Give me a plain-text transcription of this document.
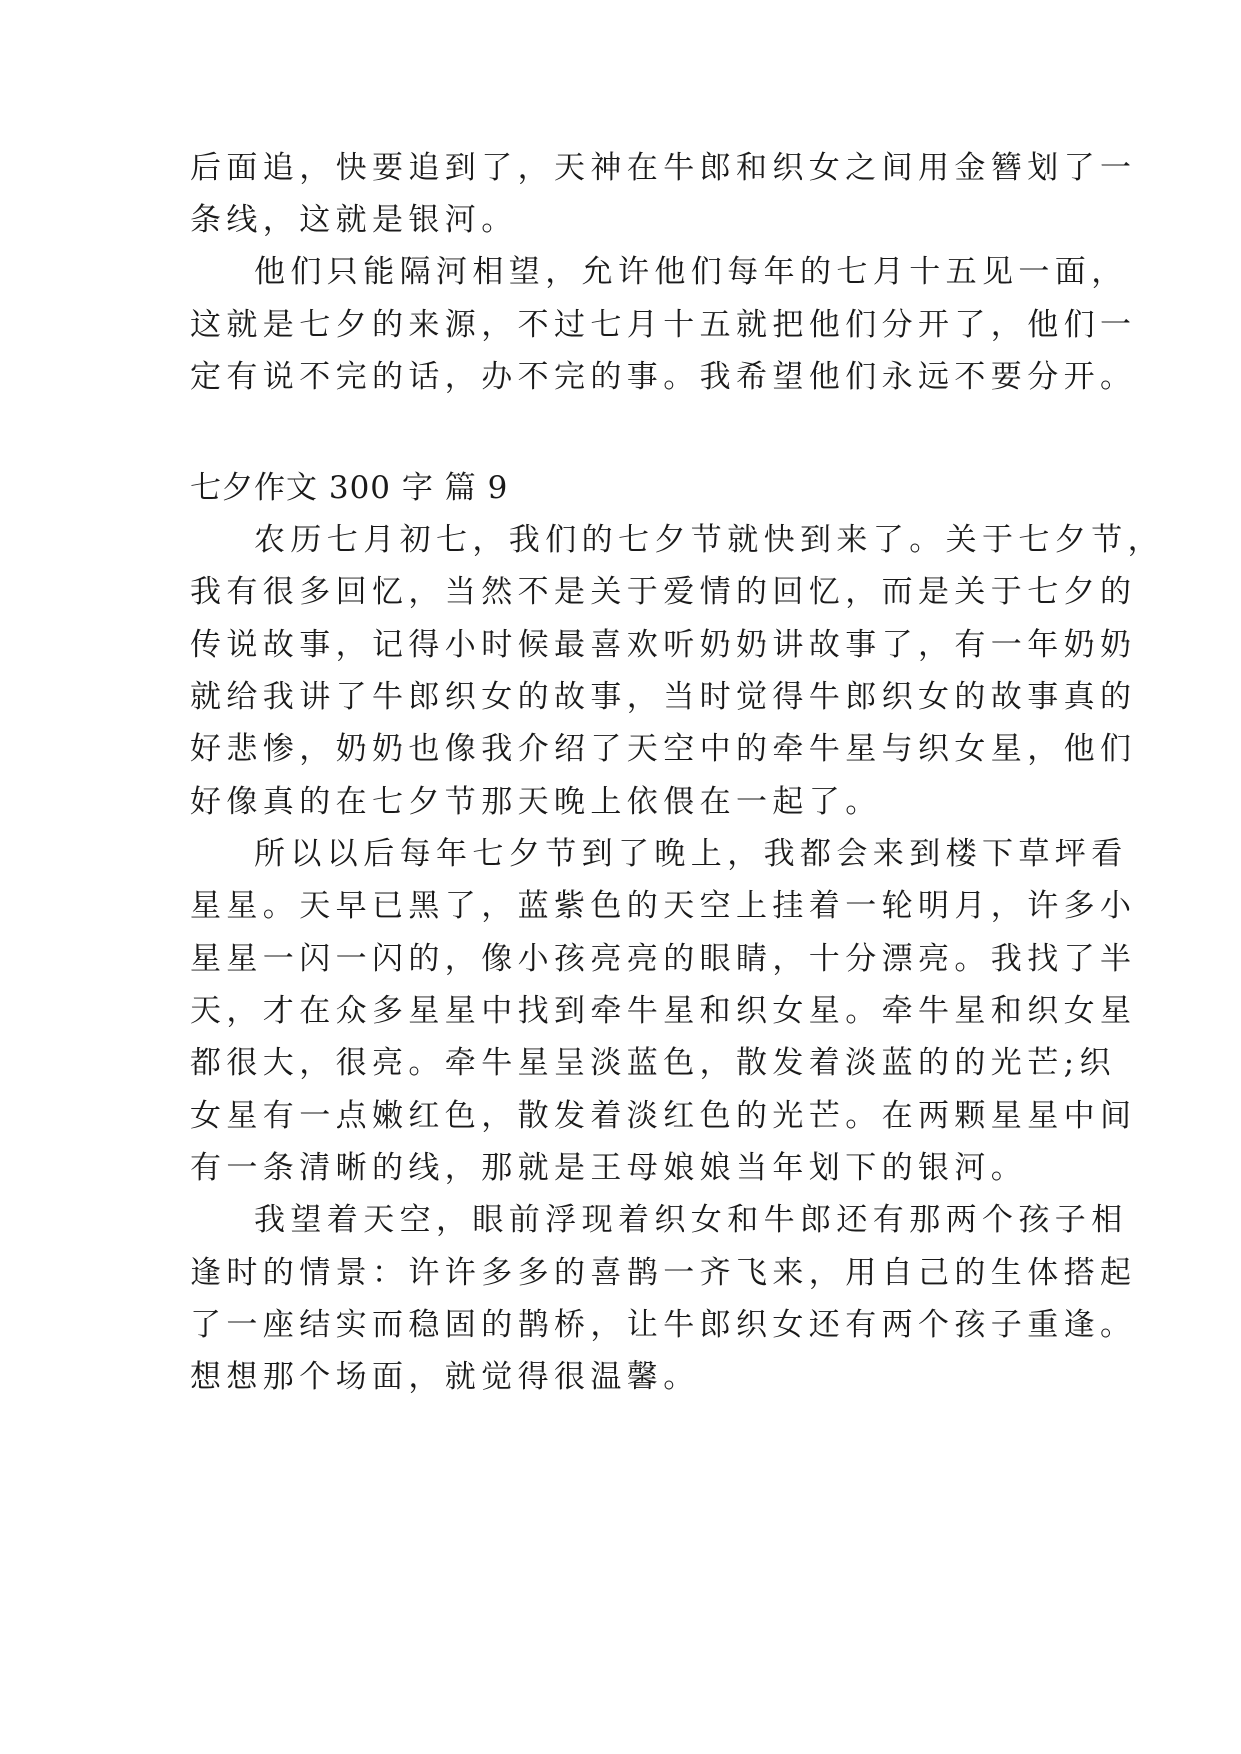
后面追，快要追到了，天神在牛郎和织女之间用金簪划了一
条线，这就是银河。
他们只能隔河相望，允许他们每年的七月十五见一面，
这就是七夕的来源，不过七月十五就把他们分开了，他们一
定有说不完的话，办不完的事。我希望他们永远不要分开。
七夕作文 300 字 篇 9
农历七月初七，我们的七夕节就快到来了。关于七夕节，
我有很多回忆，当然不是关于爱情的回忆，而是关于七夕的
传说故事，记得小时候最喜欢听奶奶讲故事了，有一年奶奶
就给我讲了牛郎织女的故事，当时觉得牛郎织女的故事真的
好悲惨，奶奶也像我介绍了天空中的牵牛星与织女星，他们
好像真的在七夕节那天晚上依偎在一起了。
所以以后每年七夕节到了晚上，我都会来到楼下草坪看
星星。天早已黑了，蓝紫色的天空上挂着一轮明月，许多小
星星一闪一闪的，像小孩亮亮的眼睛，十分漂亮。我找了半
天，才在众多星星中找到牵牛星和织女星。牵牛星和织女星
都很大，很亮。牵牛星呈淡蓝色，散发着淡蓝的的光芒;织
女星有一点嫩红色，散发着淡红色的光芒。在两颗星星中间
有一条清晰的线，那就是王母娘娘当年划下的银河。
我望着天空，眼前浮现着织女和牛郎还有那两个孩子相
逢时的情景：许许多多的喜鹊一齐飞来，用自己的生体搭起
了一座结实而稳固的鹊桥，让牛郎织女还有两个孩子重逢。
想想那个场面，就觉得很温馨。
